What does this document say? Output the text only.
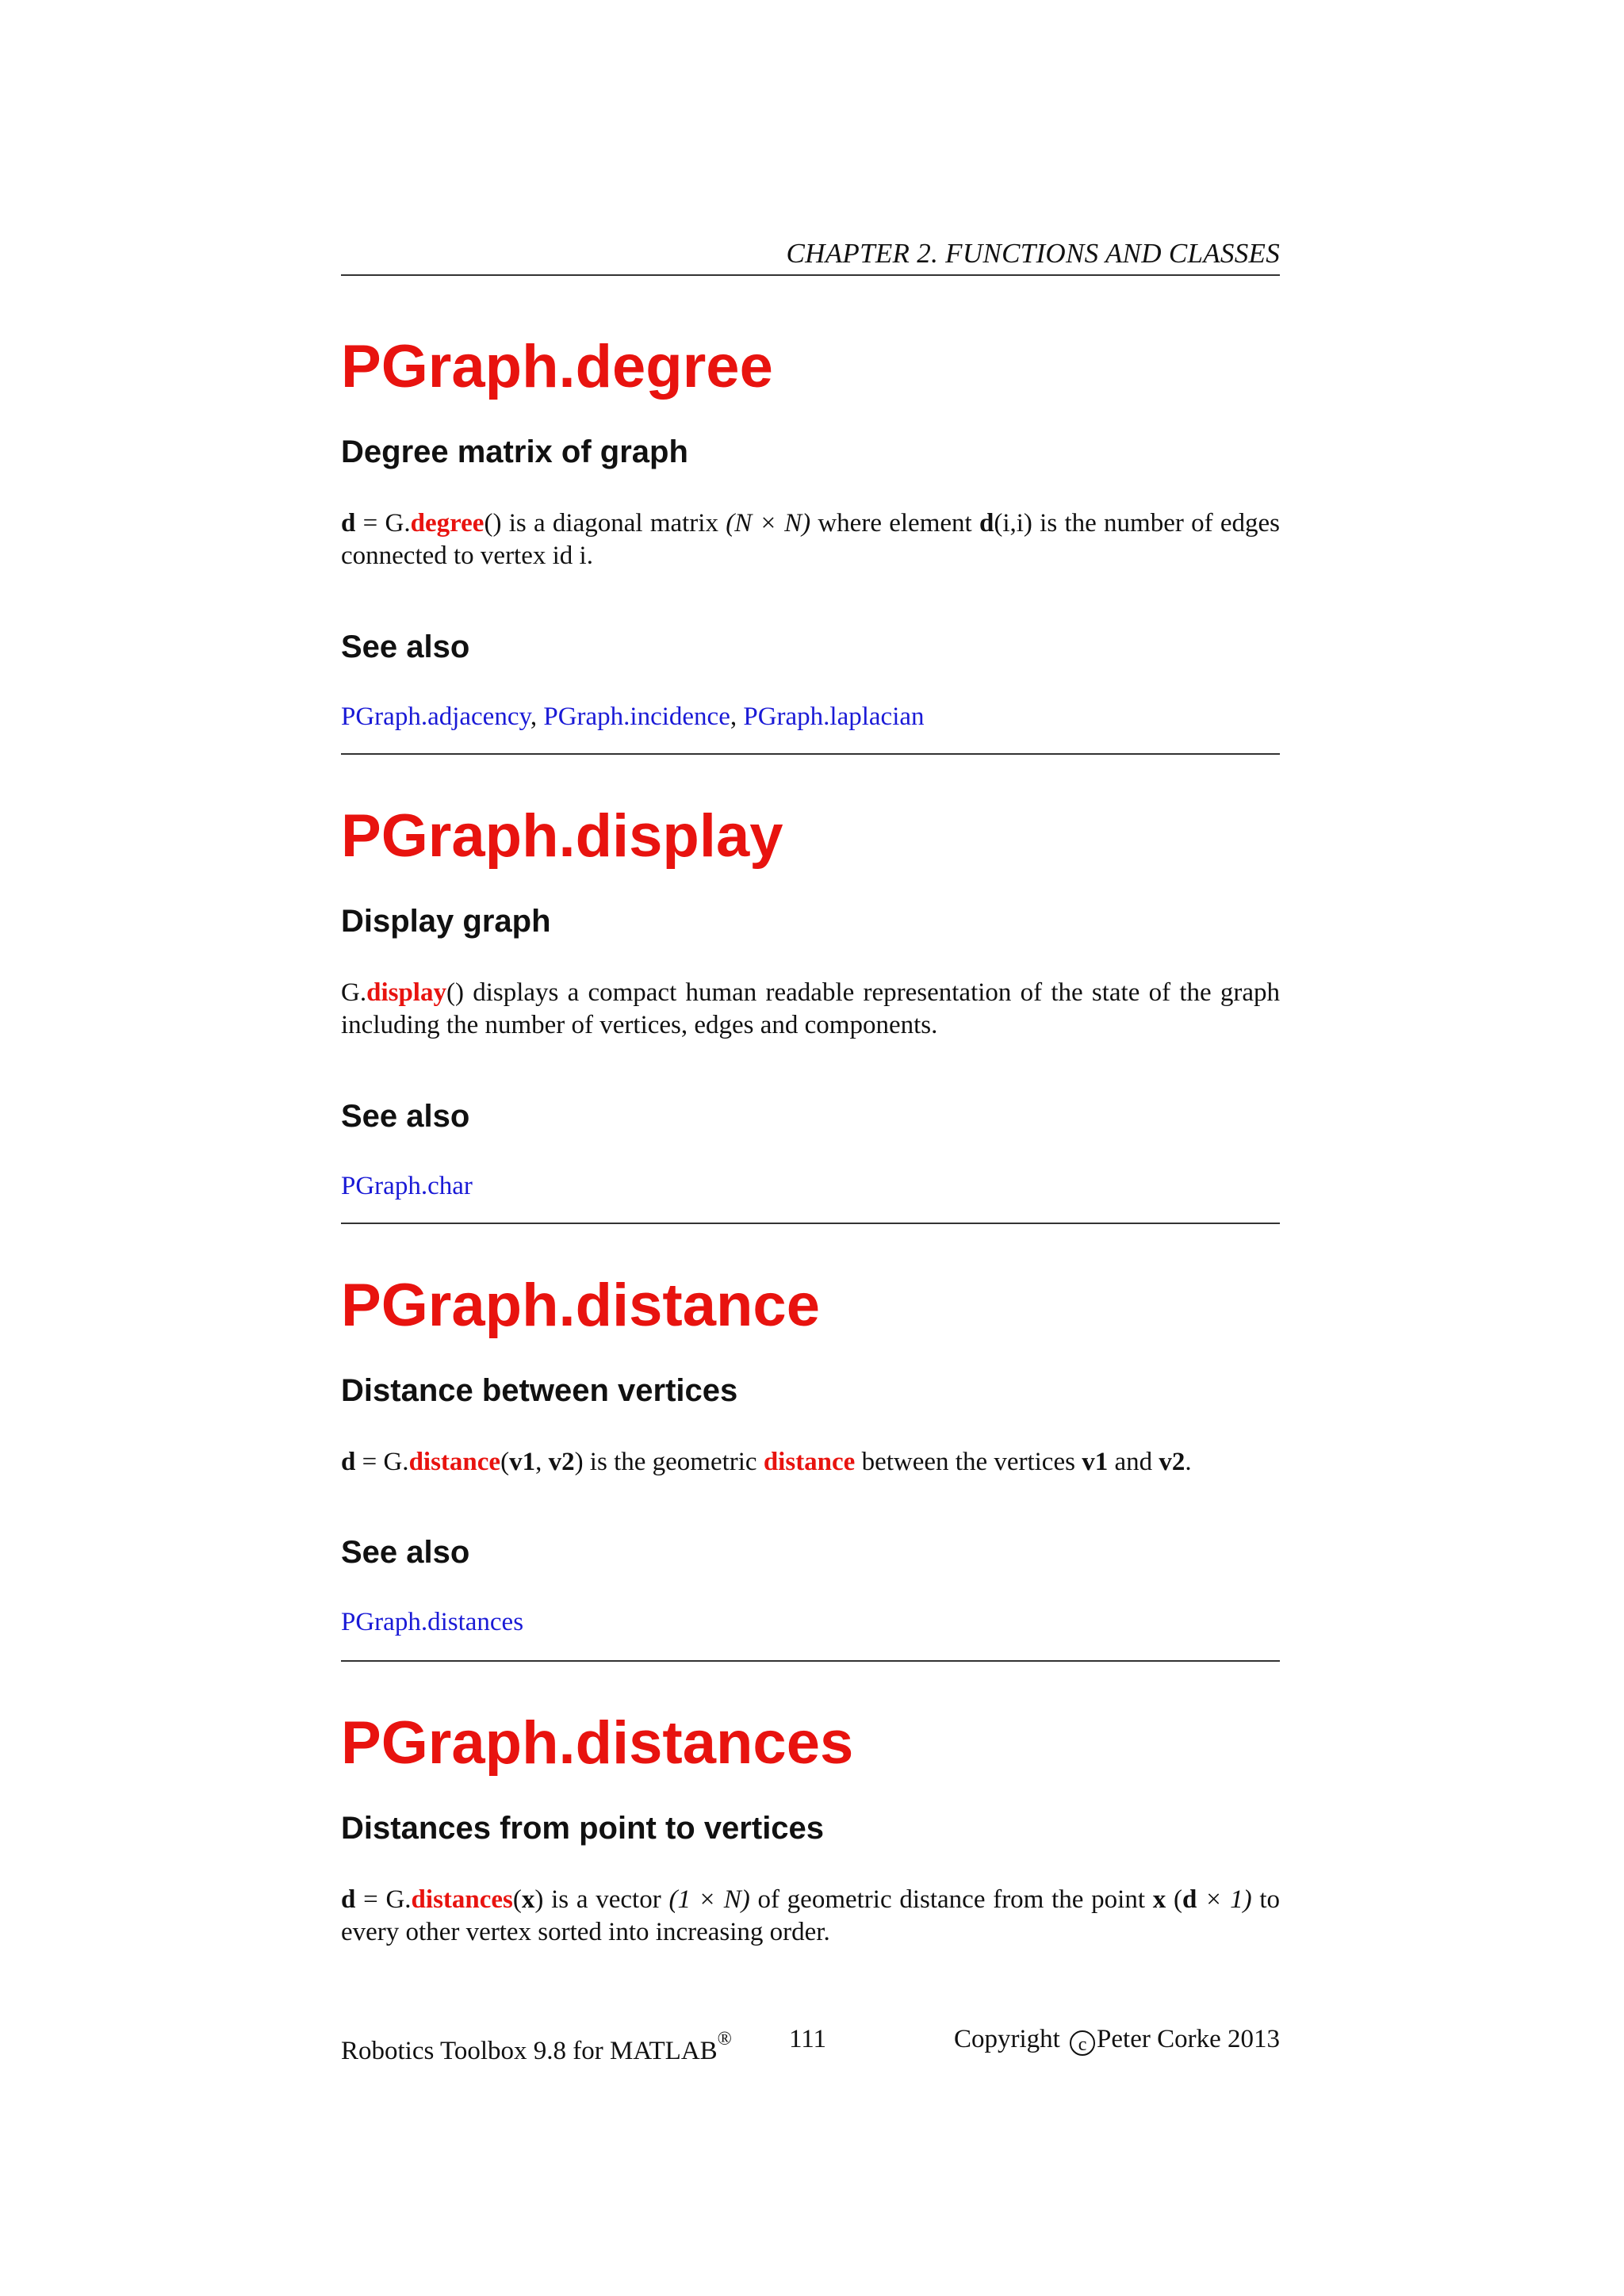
CHAPTER 2. FUNCTIONS AND CLASSES
PGraph.degree
Degree matrix of graph

d = G.degree() is a diagonal matrix (N × N) where element d(i,i) is the number of edges connected to vertex id i.

See also

PGraph.adjacency, PGraph.incidence, PGraph.laplacian

PGraph.display
Display graph

G.display() displays a compact human readable representation of the state of the graph including the number of vertices, edges and components.

See also

PGraph.char

PGraph.distance
Distance between vertices

d = G.distance(v1, v2) is the geometric distance between the vertices v1 and v2.

See also

PGraph.distances

PGraph.distances
Distances from point to vertices

d = G.distances(x) is a vector (1 × N) of geometric distance from the point x (d × 1) to every other vertex sorted into increasing order.

Robotics Toolbox 9.8 for MATLAB® 111	Copyright c Peter Corke 2013
